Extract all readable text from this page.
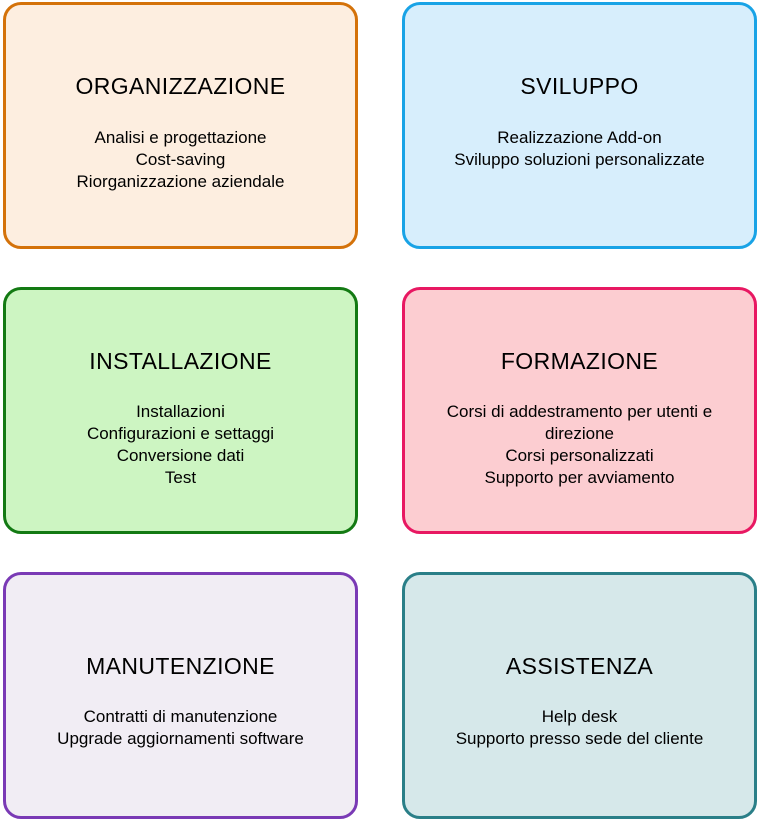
ORGANIZZAZIONE
Analisi e progettazione
Cost-saving
Riorganizzazione aziendale
SVILUPPO
Realizzazione Add-on
Sviluppo soluzioni personalizzate
INSTALLAZIONE
Installazioni
Configurazioni e settaggi
Conversione dati
Test
FORMAZIONE
Corsi di addestramento per utenti e direzione
Corsi personalizzati
Supporto per avviamento
MANUTENZIONE
Contratti di manutenzione
Upgrade aggiornamenti software
ASSISTENZA
Help desk
Supporto presso sede del cliente
